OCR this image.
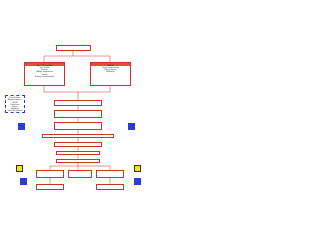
Etiological risk factors
PREDISPOSING FACTORS
Age ≥ 35 and older
Sex: Female
Genetics
Multiple pregnancies
Obesity
History of preeclampsia
PRECIPITATING FACTORS
Diabetes
Chronic hypertension
Kidney disease
Nulliparity
Clinical Signs of
Preeclampsia:
Blood pressure ≥ 140/90
Proteinuria
Edema
Headache
Visual disturbance
Decrease in uteroplacental perfusion
Increase in peripheral vascular resistance
Vasoconstriction of blood vessels
Activation of smooth muscle cells
Increased BP
Local hypoxia of tissues
Local hypoxia of tissues
Impaired renal function	Edema	Proteinuria
Eclampsia	HELLP syndrome
